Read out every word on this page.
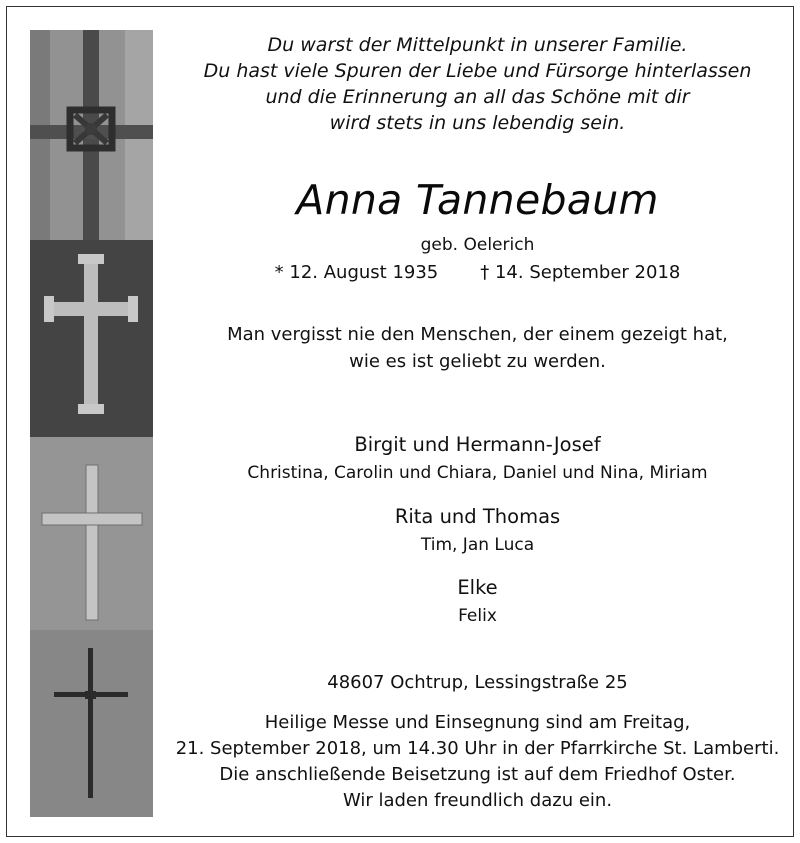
Du warst der Mittelpunkt in unserer Familie.
Du hast viele Spuren der Liebe und Fürsorge hinterlassen
und die Erinnerung an all das Schöne mit dir
wird stets in uns lebendig sein.
Anna Tannebaum
geb. Oelerich
* 12. August 1935 † 14. September 2018
Man vergisst nie den Menschen, der einem gezeigt hat,
wie es ist geliebt zu werden.
Birgit und Hermann-Josef
Christina, Carolin und Chiara, Daniel und Nina, Miriam
Rita und Thomas
Tim, Jan Luca
Elke
Felix
48607 Ochtrup, Lessingstraße 25
Heilige Messe und Einsegnung sind am Freitag,
21. September 2018, um 14.30 Uhr in der Pfarrkirche St. Lamberti.
Die anschließende Beisetzung ist auf dem Friedhof Oster.
Wir laden freundlich dazu ein.
